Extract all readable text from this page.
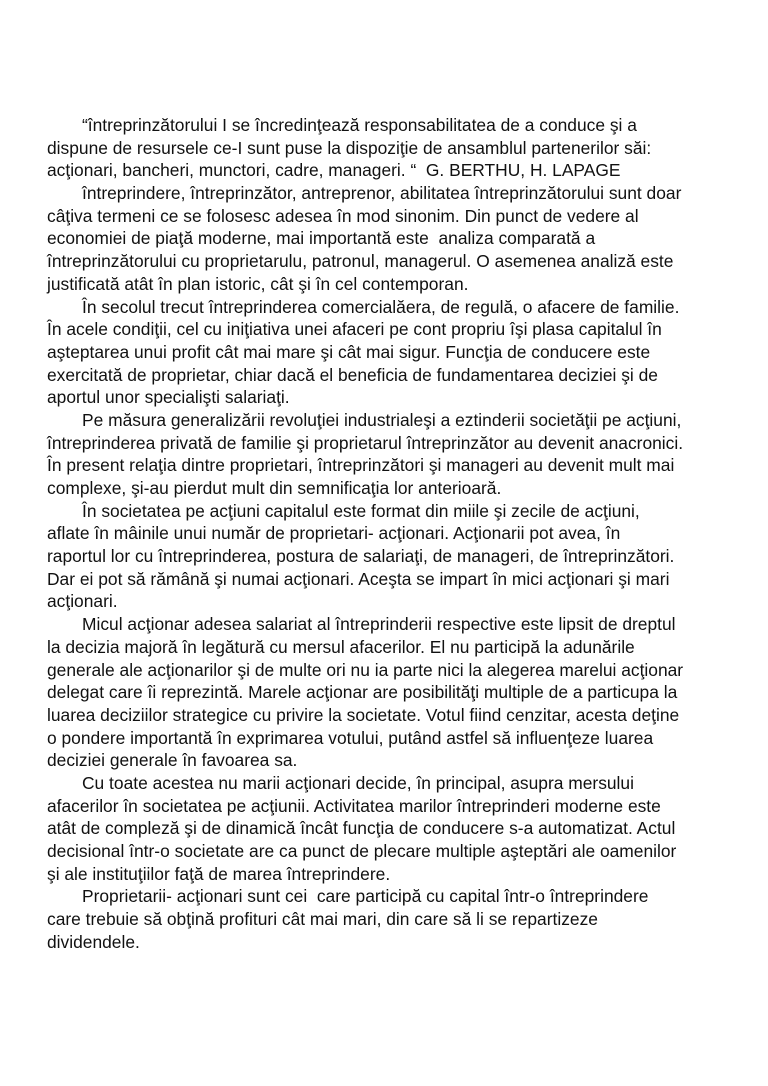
“întreprinzătorului I se încredinţează responsabilitatea de a conduce şi a
dispune de resursele ce-I sunt puse la dispoziţie de ansamblul partenerilor săi:
acţionari, bancheri, munctori, cadre, manageri. “  G. BERTHU, H. LAPAGE
întreprindere, întreprinzător, antreprenor, abilitatea întreprinzătorului sunt doar
câţiva termeni ce se folosesc adesea în mod sinonim. Din punct de vedere al
economiei de piaţă moderne, mai importantă este  analiza comparată a
întreprinzătorului cu proprietarulu, patronul, managerul. O asemenea analiză este
justificată atât în plan istoric, cât şi în cel contemporan.
În secolul trecut întreprinderea comercialăera, de regulă, o afacere de familie.
În acele condiţii, cel cu iniţiativa unei afaceri pe cont propriu îşi plasa capitalul în
aşteptarea unui profit cât mai mare şi cât mai sigur. Funcţia de conducere este
exercitată de proprietar, chiar dacă el beneficia de fundamentarea deciziei şi de
aportul unor specialişti salariaţi.
Pe măsura generalizării revoluţiei industrialeşi a eztinderii societăţii pe acţiuni,
întreprinderea privată de familie şi proprietarul întreprinzător au devenit anacronici.
În present relaţia dintre proprietari, întreprinzători şi manageri au devenit mult mai
complexe, şi-au pierdut mult din semnificaţia lor anterioară.
În societatea pe acţiuni capitalul este format din miile şi zecile de acţiuni,
aflate în mâinile unui număr de proprietari- acţionari. Acţionarii pot avea, în
raportul lor cu întreprinderea, postura de salariaţi, de manageri, de întreprinzători.
Dar ei pot să rămână şi numai acţionari. Aceşta se impart în mici acţionari şi mari
acţionari.
Micul acţionar adesea salariat al întreprinderii respective este lipsit de dreptul
la decizia majoră în legătură cu mersul afacerilor. El nu participă la adunările
generale ale acţionarilor şi de multe ori nu ia parte nici la alegerea marelui acţionar
delegat care îi reprezintă. Marele acţionar are posibilităţi multiple de a particupa la
luarea deciziilor strategice cu privire la societate. Votul fiind cenzitar, acesta deţine
o pondere importantă în exprimarea votului, putând astfel să influenţeze luarea
deciziei generale în favoarea sa.
Cu toate acestea nu marii acţionari decide, în principal, asupra mersului
afacerilor în societatea pe acţiunii. Activitatea marilor întreprinderi moderne este
atât de compleză şi de dinamică încât funcţia de conducere s-a automatizat. Actul
decisional într-o societate are ca punct de plecare multiple aşteptări ale oamenilor
şi ale instituţiilor faţă de marea întreprindere.
Proprietarii- acţionari sunt cei  care participă cu capital într-o întreprindere
care trebuie să obţină profituri cât mai mari, din care să li se repartizeze
dividendele.
